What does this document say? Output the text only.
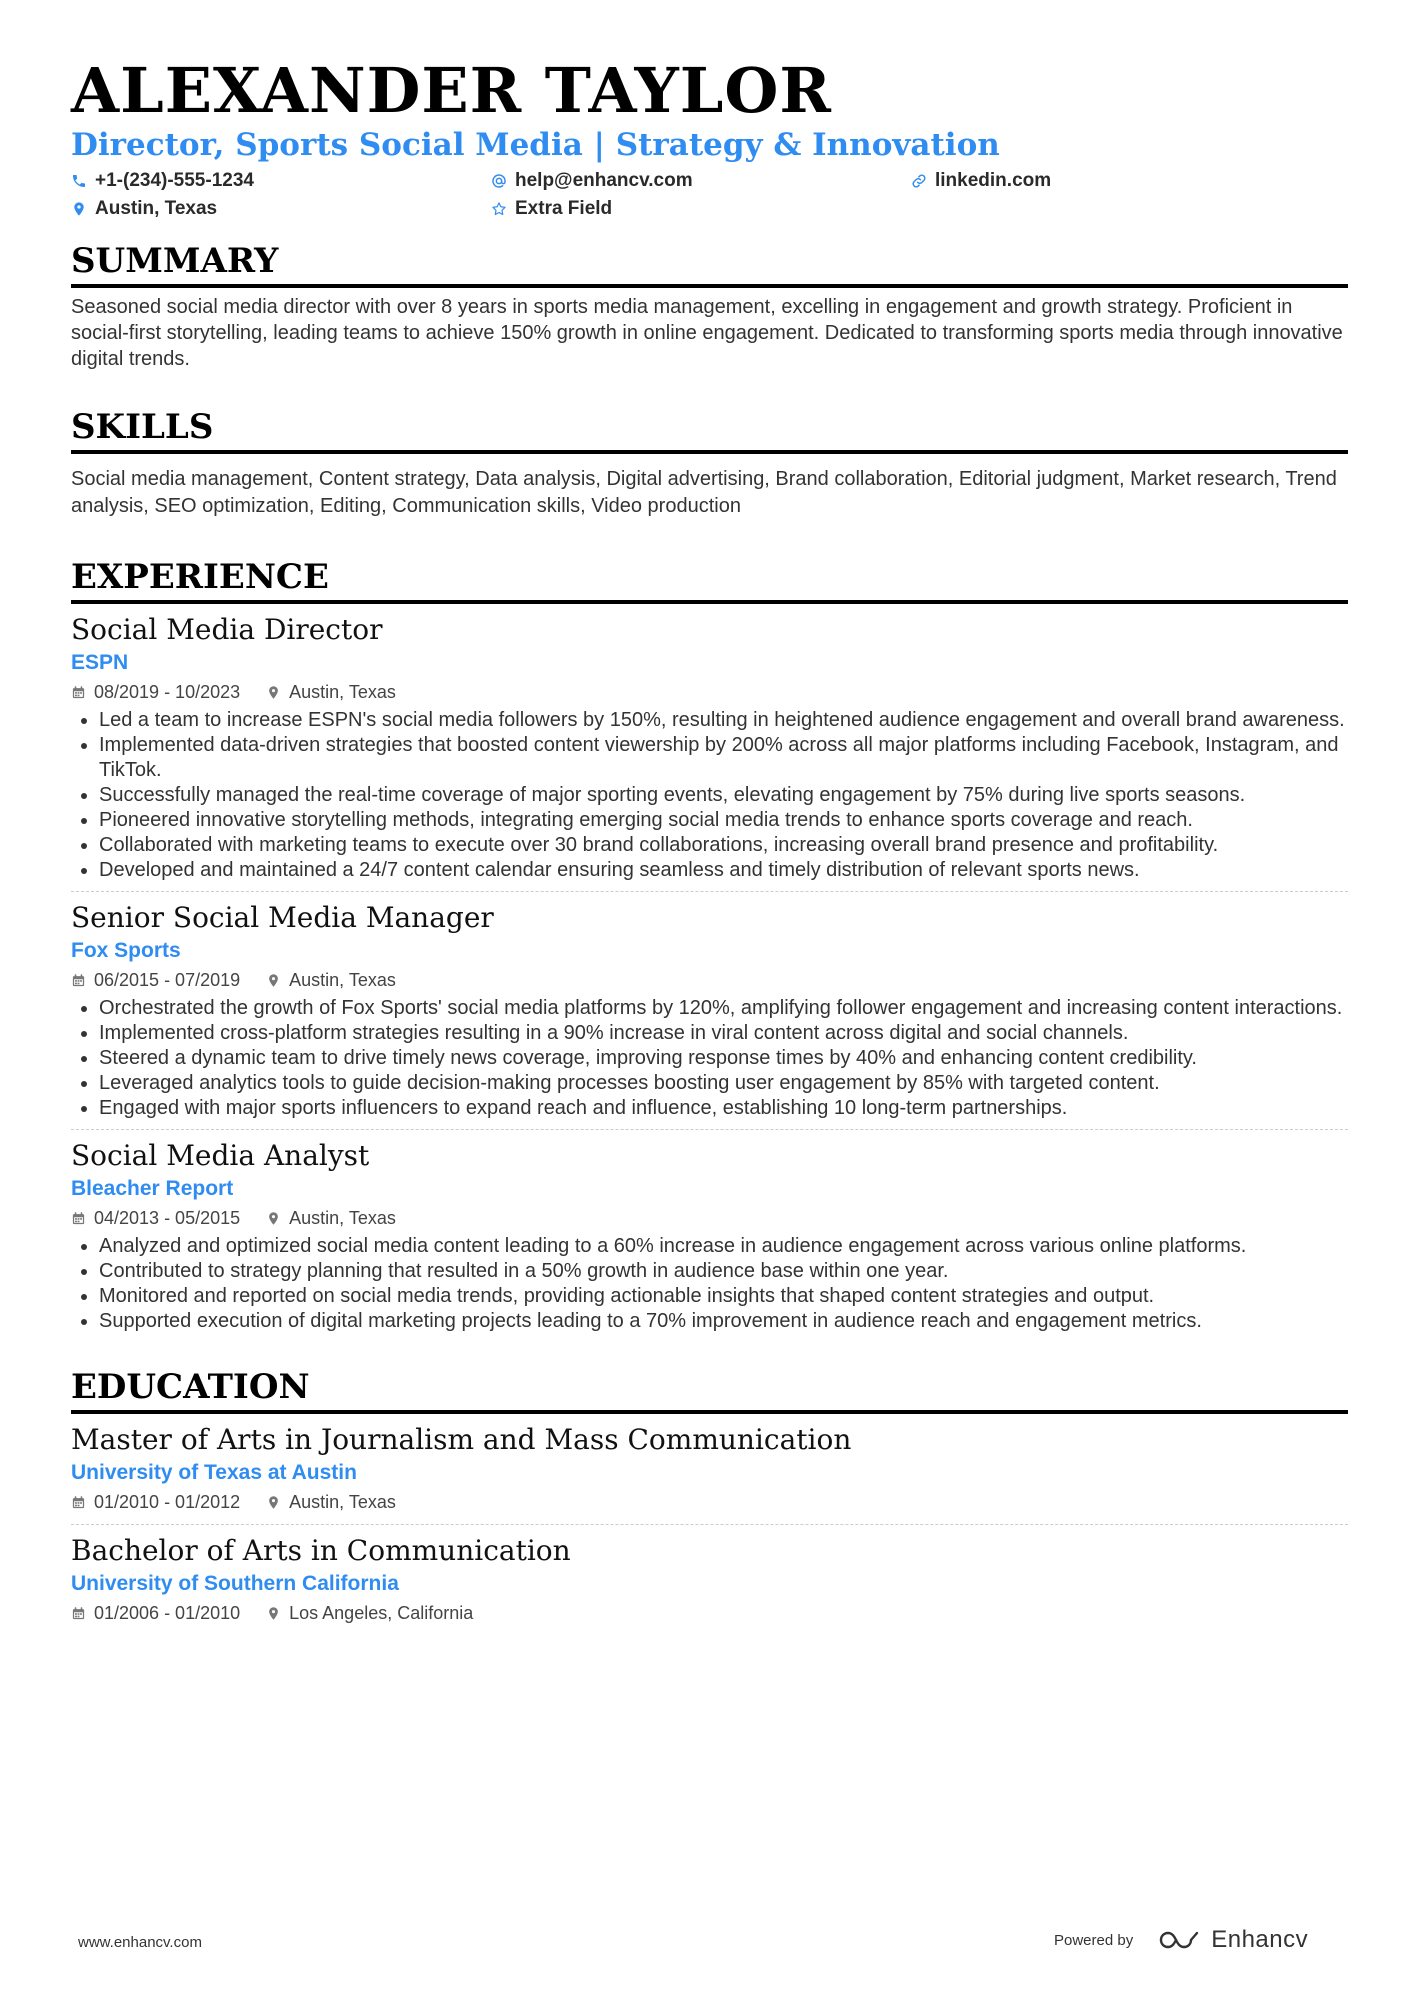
ALEXANDER TAYLOR
Director, Sports Social Media | Strategy & Innovation
+1-(234)-555-1234	help@enhancv.com	linkedin.com
Austin, Texas	Extra Field
SUMMARY
Seasoned social media director with over 8 years in sports media management, excelling in engagement and growth strategy. Proficient in social-first storytelling, leading teams to achieve 150% growth in online engagement. Dedicated to transforming sports media through innovative digital trends.
SKILLS
Social media management, Content strategy, Data analysis, Digital advertising, Brand collaboration, Editorial judgment, Market research, Trend analysis, SEO optimization, Editing, Communication skills, Video production
EXPERIENCE
Social Media Director
ESPN
08/2019 - 10/2023	Austin, Texas
• Led a team to increase ESPN's social media followers by 150%, resulting in heightened audience engagement and overall brand awareness.
• Implemented data-driven strategies that boosted content viewership by 200% across all major platforms including Facebook, Instagram, and TikTok.
• Successfully managed the real-time coverage of major sporting events, elevating engagement by 75% during live sports seasons.
• Pioneered innovative storytelling methods, integrating emerging social media trends to enhance sports coverage and reach.
• Collaborated with marketing teams to execute over 30 brand collaborations, increasing overall brand presence and profitability.
• Developed and maintained a 24/7 content calendar ensuring seamless and timely distribution of relevant sports news.
Senior Social Media Manager
Fox Sports
06/2015 - 07/2019	Austin, Texas
• Orchestrated the growth of Fox Sports' social media platforms by 120%, amplifying follower engagement and increasing content interactions.
• Implemented cross-platform strategies resulting in a 90% increase in viral content across digital and social channels.
• Steered a dynamic team to drive timely news coverage, improving response times by 40% and enhancing content credibility.
• Leveraged analytics tools to guide decision-making processes boosting user engagement by 85% with targeted content.
• Engaged with major sports influencers to expand reach and influence, establishing 10 long-term partnerships.
Social Media Analyst
Bleacher Report
04/2013 - 05/2015	Austin, Texas
• Analyzed and optimized social media content leading to a 60% increase in audience engagement across various online platforms.
• Contributed to strategy planning that resulted in a 50% growth in audience base within one year.
• Monitored and reported on social media trends, providing actionable insights that shaped content strategies and output.
• Supported execution of digital marketing projects leading to a 70% improvement in audience reach and engagement metrics.
EDUCATION
Master of Arts in Journalism and Mass Communication
University of Texas at Austin
01/2010 - 01/2012	Austin, Texas
Bachelor of Arts in Communication
University of Southern California
01/2006 - 01/2010	Los Angeles, California
www.enhancv.com	Powered by	Enhancv
